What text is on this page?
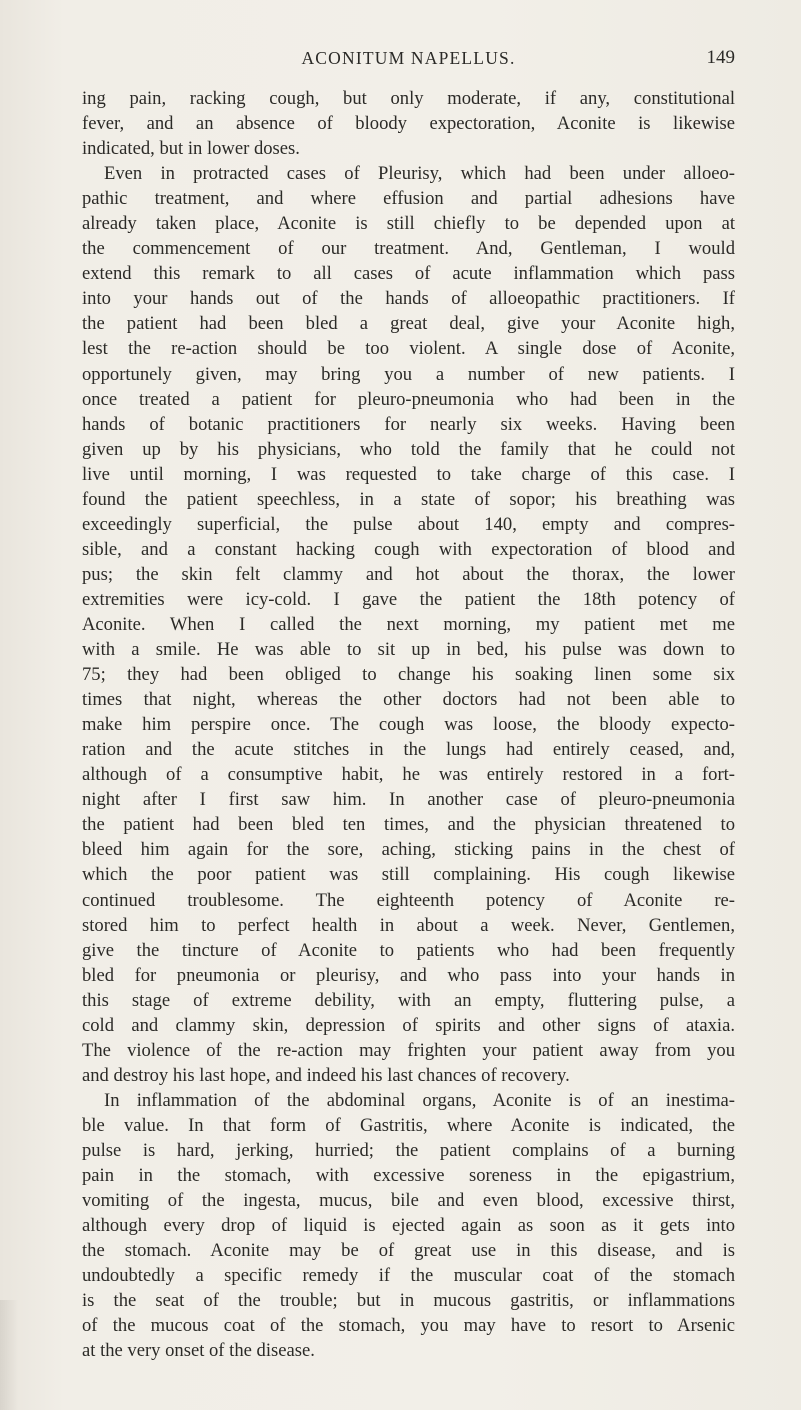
ACONITUM NAPELLUS.	149
ing pain, racking cough, but only moderate, if any, constitutional
fever, and an absence of bloody expectoration, Aconite is likewise
indicated, but in lower doses.
Even in protracted cases of Pleurisy, which had been under alloeo-
pathic treatment, and where effusion and partial adhesions have
already taken place, Aconite is still chiefly to be depended upon at
the commencement of our treatment. And, Gentleman, I would
extend this remark to all cases of acute inflammation which pass
into your hands out of the hands of alloeopathic practitioners. If
the patient had been bled a great deal, give your Aconite high,
lest the re-action should be too violent. A single dose of Aconite,
opportunely given, may bring you a number of new patients. I
once treated a patient for pleuro-pneumonia who had been in the
hands of botanic practitioners for nearly six weeks. Having been
given up by his physicians, who told the family that he could not
live until morning, I was requested to take charge of this case. I
found the patient speechless, in a state of sopor; his breathing was
exceedingly superficial, the pulse about 140, empty and compres-
sible, and a constant hacking cough with expectoration of blood and
pus; the skin felt clammy and hot about the thorax, the lower
extremities were icy-cold. I gave the patient the 18th potency of
Aconite. When I called the next morning, my patient met me
with a smile. He was able to sit up in bed, his pulse was down to
75; they had been obliged to change his soaking linen some six
times that night, whereas the other doctors had not been able to
make him perspire once. The cough was loose, the bloody expecto-
ration and the acute stitches in the lungs had entirely ceased, and,
although of a consumptive habit, he was entirely restored in a fort-
night after I first saw him. In another case of pleuro-pneumonia
the patient had been bled ten times, and the physician threatened to
bleed him again for the sore, aching, sticking pains in the chest of
which the poor patient was still complaining. His cough likewise
continued troublesome. The eighteenth potency of Aconite re-
stored him to perfect health in about a week. Never, Gentlemen,
give the tincture of Aconite to patients who had been frequently
bled for pneumonia or pleurisy, and who pass into your hands in
this stage of extreme debility, with an empty, fluttering pulse, a
cold and clammy skin, depression of spirits and other signs of ataxia.
The violence of the re-action may frighten your patient away from you
and destroy his last hope, and indeed his last chances of recovery.
In inflammation of the abdominal organs, Aconite is of an inestima-
ble value. In that form of Gastritis, where Aconite is indicated, the
pulse is hard, jerking, hurried; the patient complains of a burning
pain in the stomach, with excessive soreness in the epigastrium,
vomiting of the ingesta, mucus, bile and even blood, excessive thirst,
although every drop of liquid is ejected again as soon as it gets into
the stomach. Aconite may be of great use in this disease, and is
undoubtedly a specific remedy if the muscular coat of the stomach
is the seat of the trouble; but in mucous gastritis, or inflammations
of the mucous coat of the stomach, you may have to resort to Arsenic
at the very onset of the disease.
